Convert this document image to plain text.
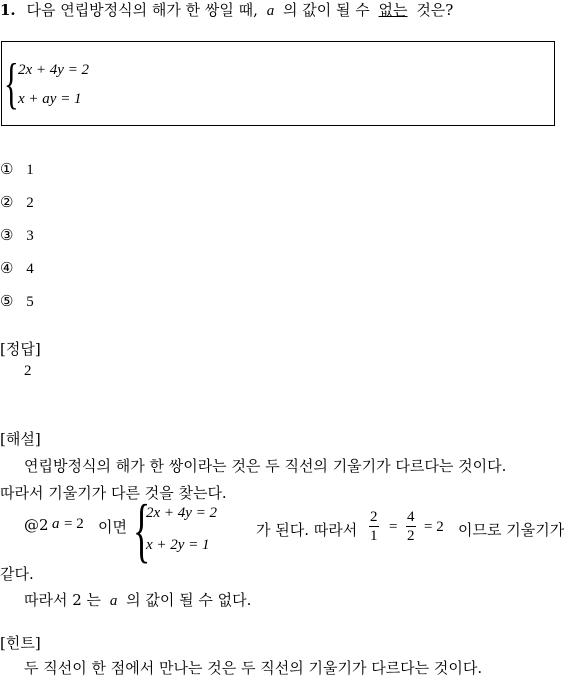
1. 다음 연립방정식의 해가 한 쌍일 때, a 의 값이 될 수 없는 것은?
{ 2x + 4y = 2
x + ay = 1
① 1
② 2
③ 3
④ 4
⑤ 5
[정답]
2
[해설]
연립방정식의 해가 한 쌍이라는 것은 두 직선의 기울기가 다르다는 것이다.
따라서 기울기가 다른 것을 찾는다.
@2 a = 2 이면 {
2x + 4y = 2
x + 2y = 1
가 된다. 따라서 $\frac{2}{1} = \frac{4}{2} = 2$ 이므로 기울기가
같다.
따라서 2 는 a 의 값이 될 수 없다.
[힌트]
두 직선이 한 점에서 만나는 것은 두 직선의 기울기가 다르다는 것이다.
